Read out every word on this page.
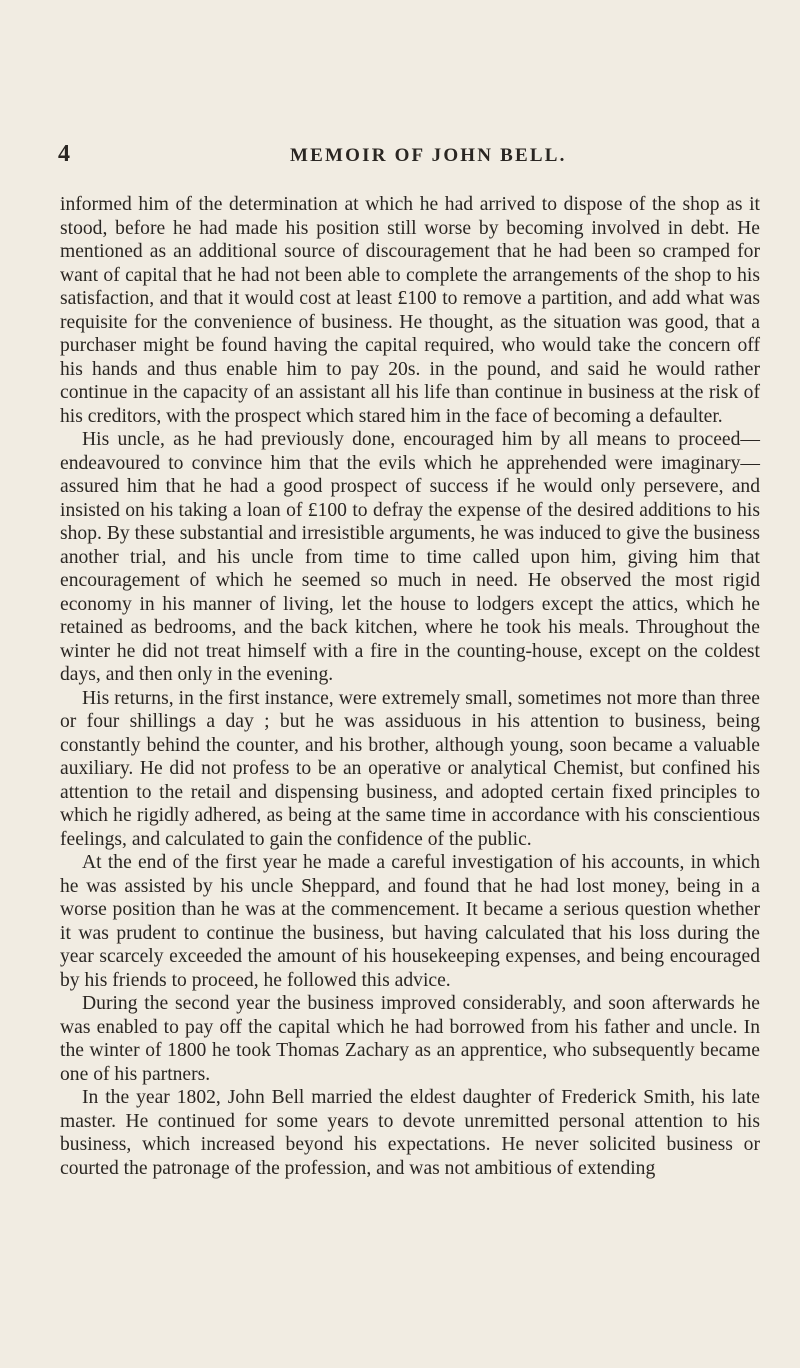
4	MEMOIR OF JOHN BELL.

informed him of the determination at which he had arrived to dispose of the shop as it stood, before he had made his position still worse by becoming involved in debt. He mentioned as an additional source of discouragement that he had been so cramped for want of capital that he had not been able to complete the arrangements of the shop to his satisfaction, and that it would cost at least £100 to remove a partition, and add what was requisite for the convenience of business. He thought, as the situation was good, that a purchaser might be found having the capital required, who would take the concern off his hands and thus enable him to pay 20s. in the pound, and said he would rather continue in the capacity of an assistant all his life than continue in business at the risk of his creditors, with the prospect which stared him in the face of becoming a defaulter.

His uncle, as he had previously done, encouraged him by all means to proceed—endeavoured to convince him that the evils which he apprehended were imaginary—assured him that he had a good prospect of success if he would only persevere, and insisted on his taking a loan of £100 to defray the expense of the desired additions to his shop. By these substantial and irresistible arguments, he was induced to give the business another trial, and his uncle from time to time called upon him, giving him that encouragement of which he seemed so much in need. He observed the most rigid economy in his manner of living, let the house to lodgers except the attics, which he retained as bedrooms, and the back kitchen, where he took his meals. Throughout the winter he did not treat himself with a fire in the counting-house, except on the coldest days, and then only in the evening.

His returns, in the first instance, were extremely small, sometimes not more than three or four shillings a day ; but he was assiduous in his attention to business, being constantly behind the counter, and his brother, although young, soon became a valuable auxiliary. He did not profess to be an operative or analytical Chemist, but confined his attention to the retail and dispensing business, and adopted certain fixed principles to which he rigidly adhered, as being at the same time in accordance with his conscientious feelings, and calculated to gain the confidence of the public.

At the end of the first year he made a careful investigation of his accounts, in which he was assisted by his uncle Sheppard, and found that he had lost money, being in a worse position than he was at the commencement. It became a serious question whether it was prudent to continue the business, but having calculated that his loss during the year scarcely exceeded the amount of his housekeeping expenses, and being encouraged by his friends to proceed, he followed this advice.

During the second year the business improved considerably, and soon afterwards he was enabled to pay off the capital which he had borrowed from his father and uncle. In the winter of 1800 he took Thomas Zachary as an apprentice, who subsequently became one of his partners.

In the year 1802, John Bell married the eldest daughter of Frederick Smith, his late master. He continued for some years to devote unremitted personal attention to his business, which increased beyond his expectations. He never solicited business or courted the patronage of the profession, and was not ambitious of extending
